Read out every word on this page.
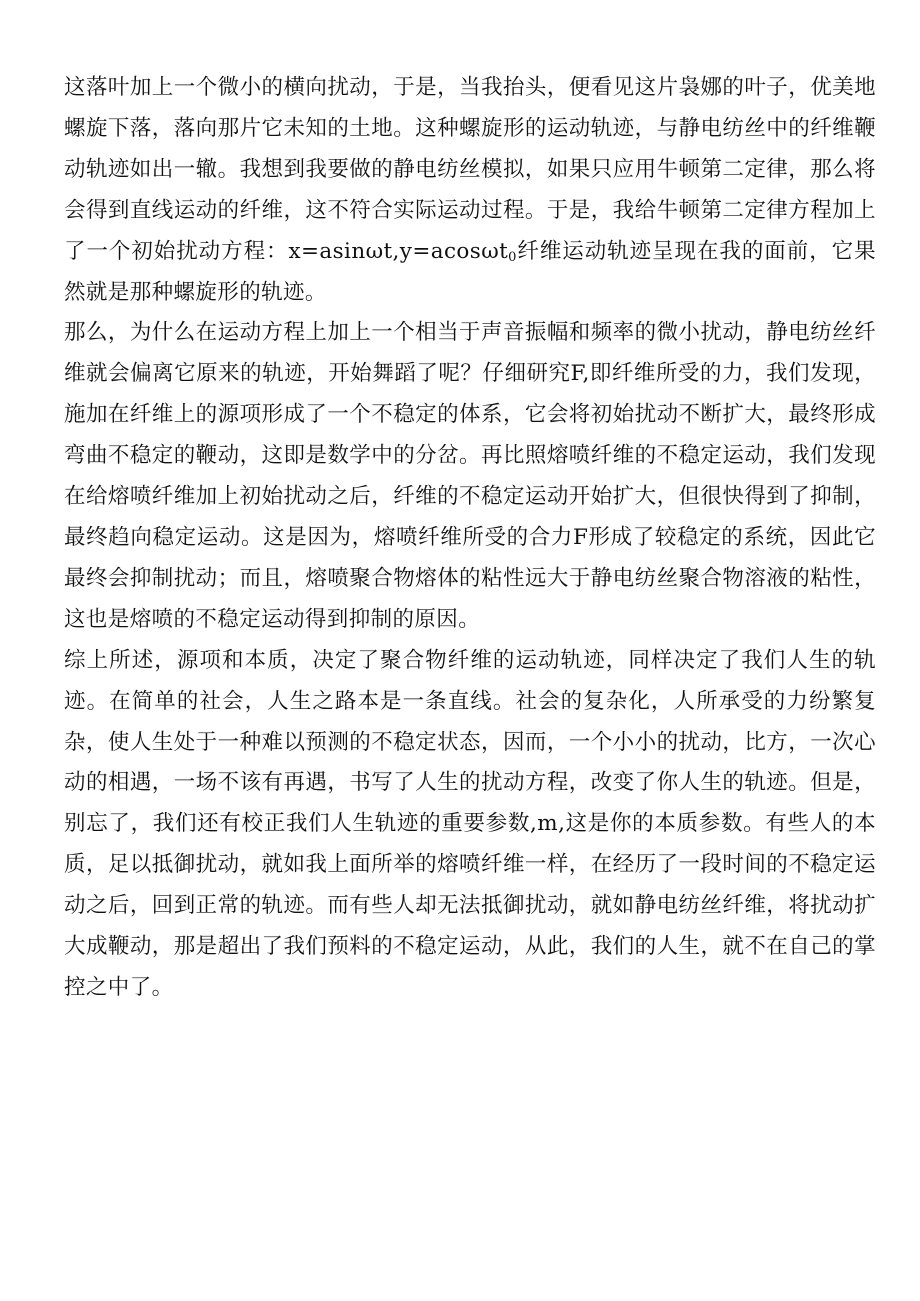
这落叶加上一个微小的横向扰动，于是，当我抬头，便看见这片袅娜的叶子，优美地螺旋下落，落向那片它未知的土地。这种螺旋形的运动轨迹，与静电纺丝中的纤维鞭动轨迹如出一辙。我想到我要做的静电纺丝模拟，如果只应用牛顿第二定律，那么将会得到直线运动的纤维，这不符合实际运动过程。于是，我给牛顿第二定律方程加上了一个初始扰动方程：x=asinωt,y=acosωt$_0$纤维运动轨迹呈现在我的面前，它果然就是那种螺旋形的轨迹。

那么，为什么在运动方程上加上一个相当于声音振幅和频率的微小扰动，静电纺丝纤维就会偏离它原来的轨迹，开始舞蹈了呢？仔细研究F,即纤维所受的力，我们发现，施加在纤维上的源项形成了一个不稳定的体系，它会将初始扰动不断扩大，最终形成弯曲不稳定的鞭动，这即是数学中的分岔。再比照熔喷纤维的不稳定运动，我们发现在给熔喷纤维加上初始扰动之后，纤维的不稳定运动开始扩大，但很快得到了抑制，最终趋向稳定运动。这是因为，熔喷纤维所受的合力F形成了较稳定的系统，因此它最终会抑制扰动；而且，熔喷聚合物熔体的粘性远大于静电纺丝聚合物溶液的粘性，这也是熔喷的不稳定运动得到抑制的原因。

综上所述，源项和本质，决定了聚合物纤维的运动轨迹，同样决定了我们人生的轨迹。在简单的社会，人生之路本是一条直线。社会的复杂化，人所承受的力纷繁复杂，使人生处于一种难以预测的不稳定状态，因而，一个小小的扰动，比方，一次心动的相遇，一场不该有再遇，书写了人生的扰动方程，改变了你人生的轨迹。但是，别忘了，我们还有校正我们人生轨迹的重要参数,m,这是你的本质参数。有些人的本质，足以抵御扰动，就如我上面所举的熔喷纤维一样，在经历了一段时间的不稳定运动之后，回到正常的轨迹。而有些人却无法抵御扰动，就如静电纺丝纤维，将扰动扩大成鞭动，那是超出了我们预料的不稳定运动，从此，我们的人生，就不在自己的掌控之中了。
